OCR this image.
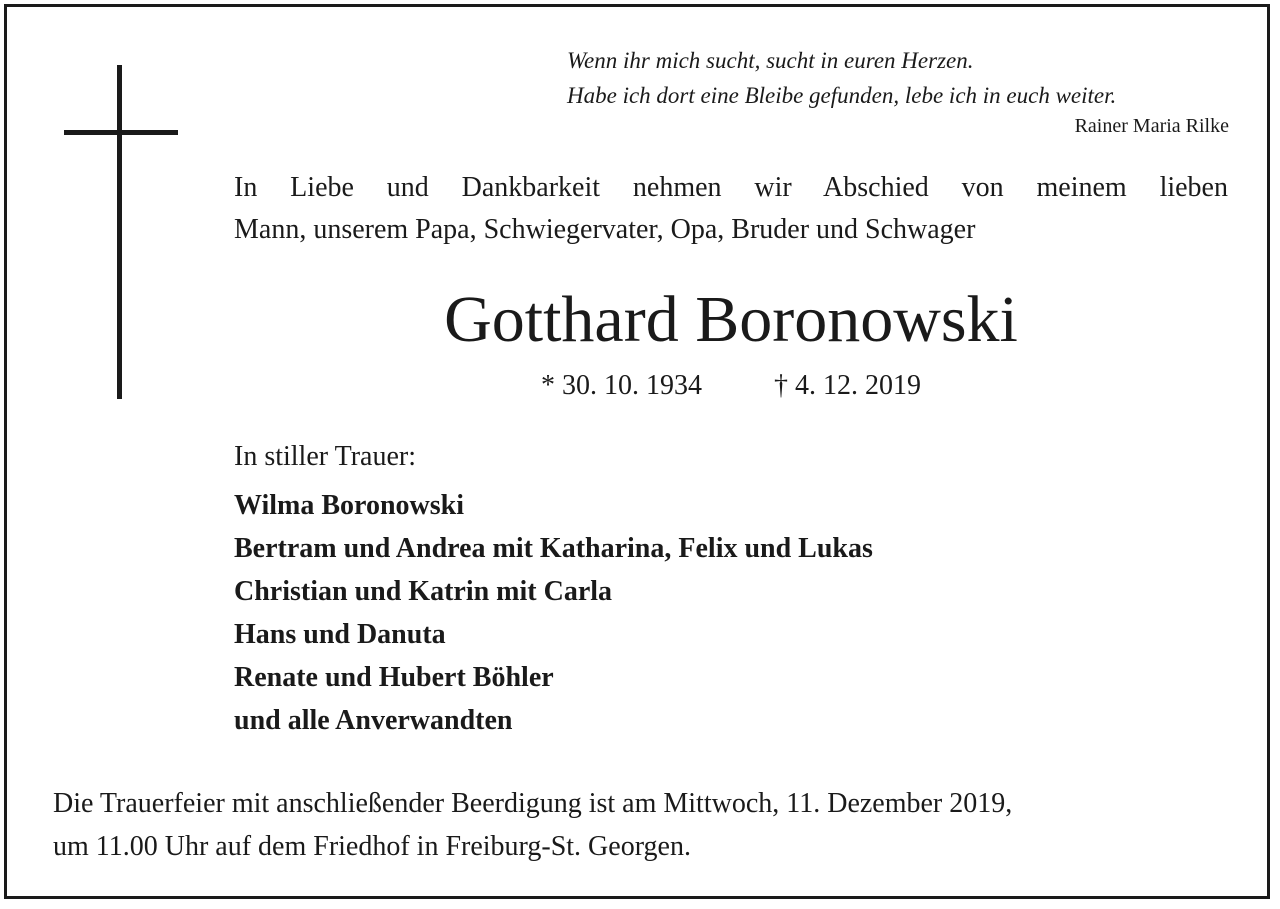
Wenn ihr mich sucht, sucht in euren Herzen.
Habe ich dort eine Bleibe gefunden, lebe ich in euch weiter.
Rainer Maria Rilke
In Liebe und Dankbarkeit nehmen wir Abschied von meinem lieben
Mann, unserem Papa, Schwiegervater, Opa, Bruder und Schwager
Gotthard Boronowski
* 30. 10. 1934	† 4. 12. 2019
In stiller Trauer:
Wilma Boronowski
Bertram und Andrea mit Katharina, Felix und Lukas
Christian und Katrin mit Carla
Hans und Danuta
Renate und Hubert Böhler
und alle Anverwandten
Die Trauerfeier mit anschließender Beerdigung ist am Mittwoch, 11. Dezember 2019,
um 11.00 Uhr auf dem Friedhof in Freiburg-St. Georgen.
